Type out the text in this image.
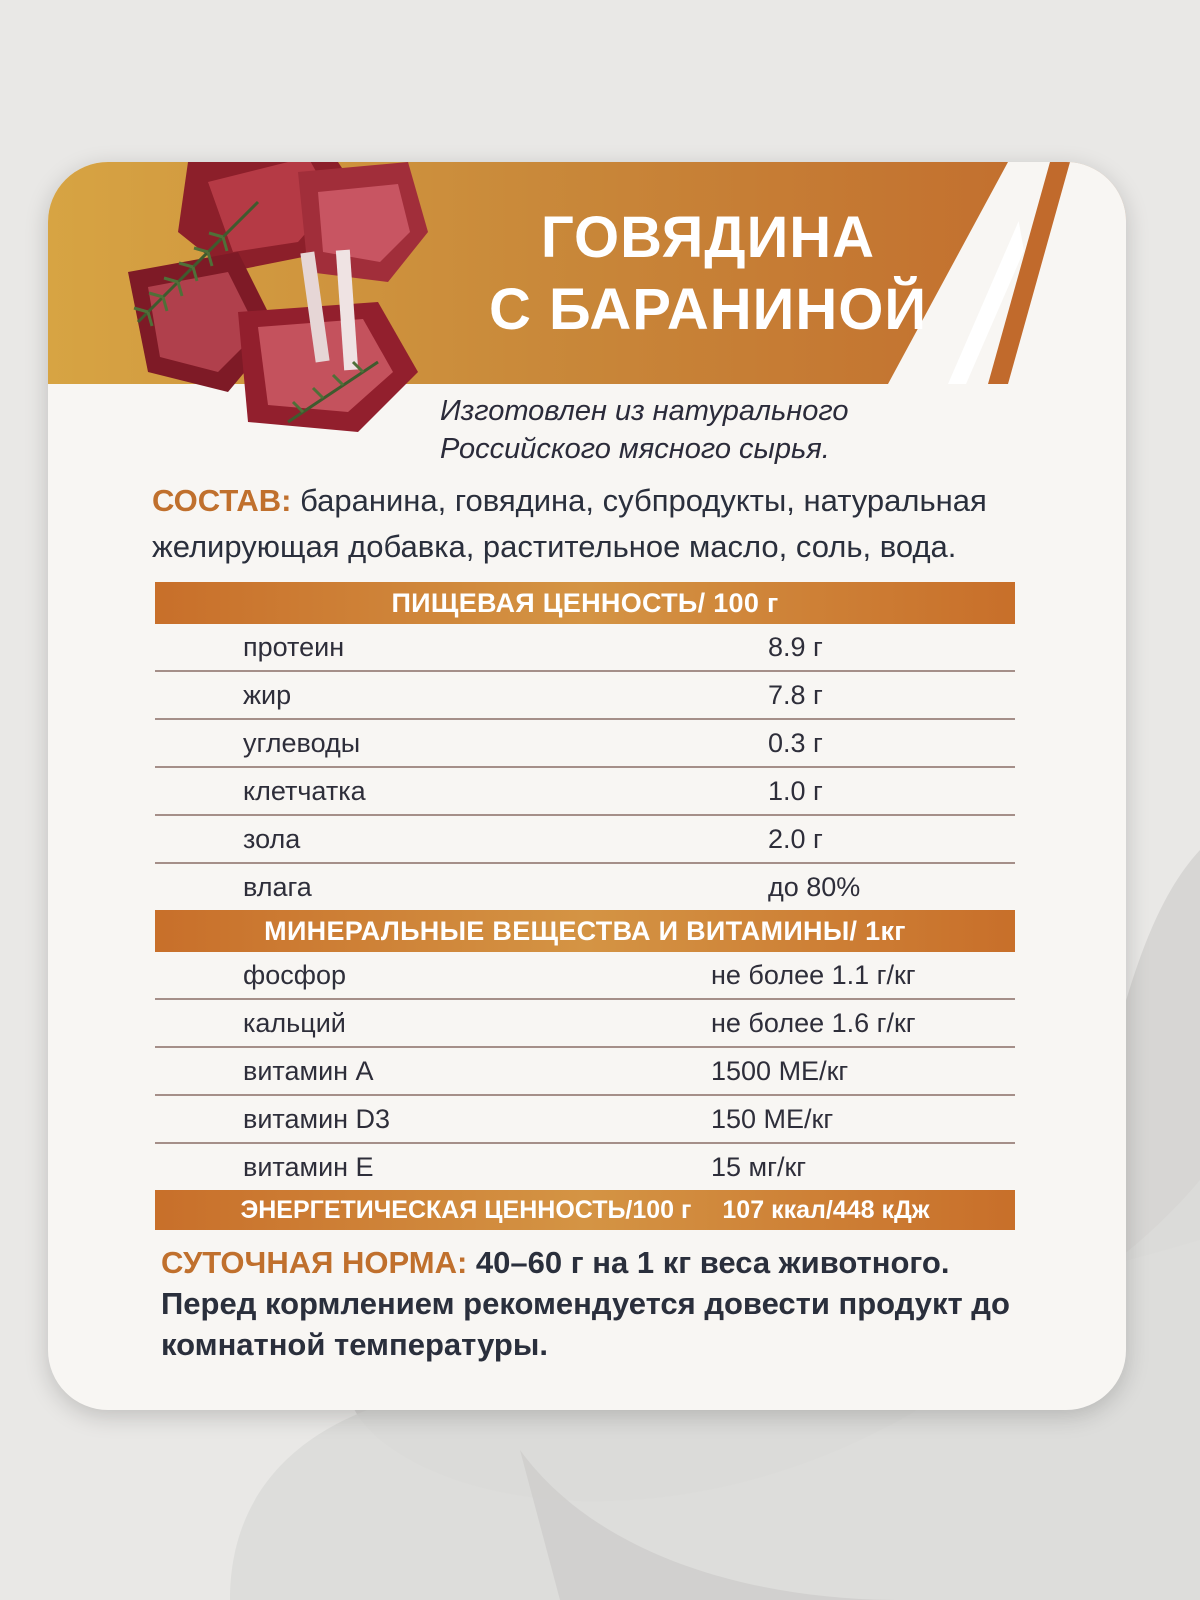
ГОВЯДИНА
С БАРАНИНОЙ
Изготовлен из натурального
Российского мясного сырья.
СОСТАВ: баранина, говядина, субпродукты, натуральная желирующая добавка, растительное масло, соль, вода.
ПИЩЕВАЯ ЦЕННОСТЬ/ 100 г
протеин	8.9 г
жир	7.8 г
углеводы	0.3 г
клетчатка	1.0 г
зола	2.0 г
влага	до 80%
МИНЕРАЛЬНЫЕ ВЕЩЕСТВА И ВИТАМИНЫ/ 1кг
фосфор	не более 1.1 г/кг
кальций	не более 1.6 г/кг
витамин А	1500 МЕ/кг
витамин D3	150 МЕ/кг
витамин Е	15 мг/кг
ЭНЕРГЕТИЧЕСКАЯ ЦЕННОСТЬ/100 г 107 ккал/448 кДж
СУТОЧНАЯ НОРМА: 40–60 г на 1 кг веса животного. Перед кормлением рекомендуется довести продукт до комнатной температуры.
